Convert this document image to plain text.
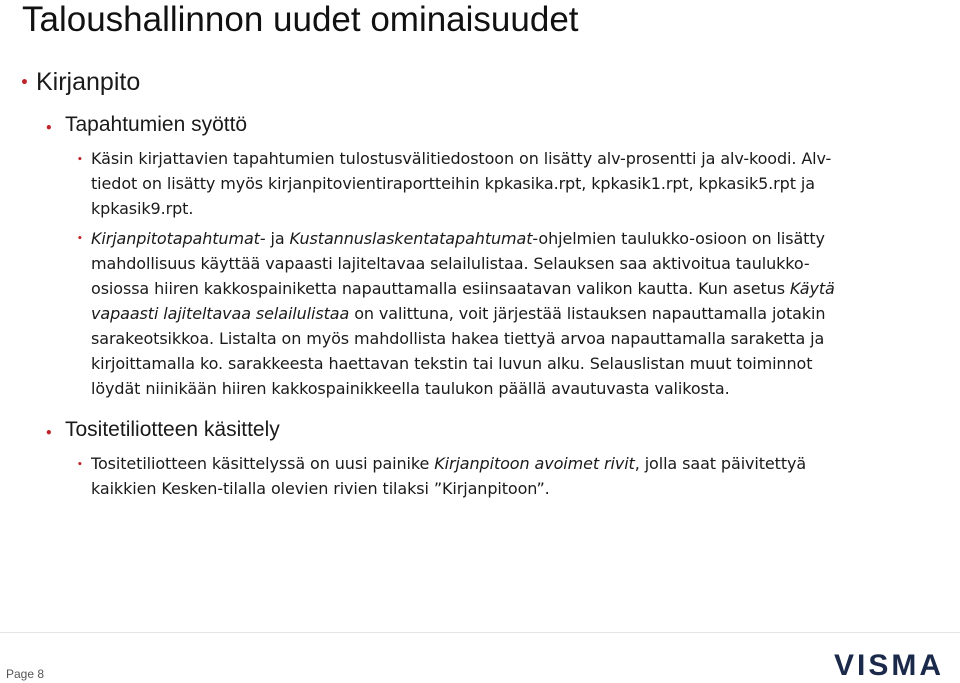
Taloushallinnon uudet ominaisuudet
• Kirjanpito
• Tapahtumien syöttö
• Käsin kirjattavien tapahtumien tulostusvälitiedostoon on lisätty alv-prosentti ja alv-koodi. Alv-
tiedot on lisätty myös kirjanpitovientiraportteihin kpkasika.rpt, kpkasik1.rpt, kpkasik5.rpt ja
kpkasik9.rpt.
• Kirjanpitotapahtumat- ja Kustannuslaskentatapahtumat-ohjelmien taulukko-osioon on lisätty
mahdollisuus käyttää vapaasti lajiteltavaa selailulistaa. Selauksen saa aktivoitua taulukko-
osiossa hiiren kakkospainiketta napauttamalla esiinsaatavan valikon kautta. Kun asetus Käytä
vapaasti lajiteltavaa selailulistaa on valittuna, voit järjestää listauksen napauttamalla jotakin
sarakeotsikkoa. Listalta on myös mahdollista hakea tiettyä arvoa napauttamalla saraketta ja
kirjoittamalla ko. sarakkeesta haettavan tekstin tai luvun alku. Selauslistan muut toiminnot
löydät niinikään hiiren kakkospainikkeella taulukon päällä avautuvasta valikosta.
• Tositetiliotteen käsittely
• Tositetiliotteen käsittelyssä on uusi painike Kirjanpitoon avoimet rivit, jolla saat päivitettyä
kaikkien Kesken-tilalla olevien rivien tilaksi ”Kirjanpitoon”.
Page 8	VISMA
